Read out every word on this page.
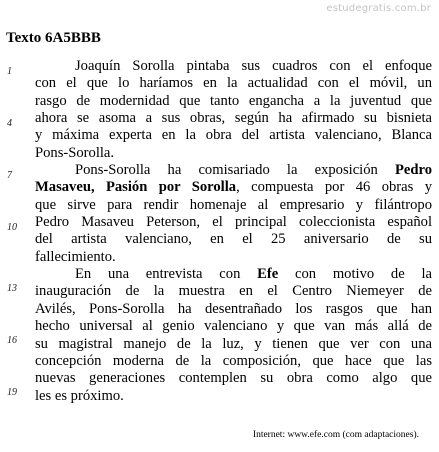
estudegratis.com.br
Texto 6A5BBB
1
4
7
10
13
16
19
Joaquín Sorolla pintaba sus cuadros con el enfoque
con el que lo haríamos en la actualidad con el móvil, un
rasgo de modernidad que tanto engancha a la juventud que
ahora se asoma a sus obras, según ha afirmado su bisnieta
y máxima experta en la obra del artista valenciano, Blanca
Pons-Sorolla.
Pons-Sorolla ha comisariado la exposición Pedro
Masaveu, Pasión por Sorolla, compuesta por 46 obras y
que sirve para rendir homenaje al empresario y filántropo
Pedro Masaveu Peterson, el principal coleccionista español
del artista valenciano, en el 25 aniversario de su
fallecimiento.
En una entrevista con Efe con motivo de la
inauguración de la muestra en el Centro Niemeyer de
Avilés, Pons-Sorolla ha desentrañado los rasgos que han
hecho universal al genio valenciano y que van más allá de
su magistral manejo de la luz, y tienen que ver con una
concepción moderna de la composición, que hace que las
nuevas generaciones contemplen su obra como algo que
les es próximo.
Internet: www.efe.com (com adaptaciones).
